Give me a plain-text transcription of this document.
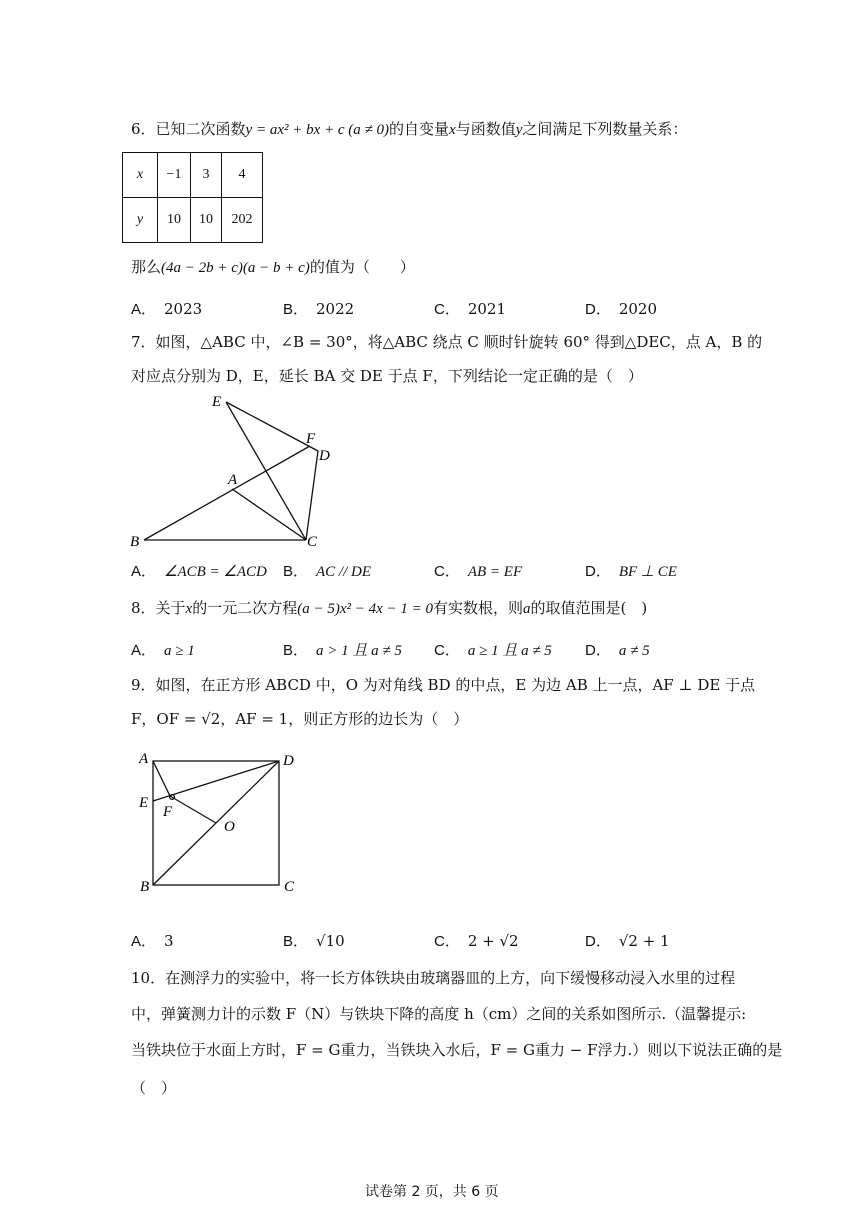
6．已知二次函数y = ax² + bx + c (a ≠ 0)的自变量x与函数值y之间满足下列数量关系：
x	−1	3	4
y	10	10	202
那么(4a − 2b + c)(a − b + c)的值为（　　）
A． 2023	B． 2022	C． 2021	D． 2020
7．如图，△ABC 中，∠B = 30°，将△ABC 绕点 C 顺时针旋转 60° 得到△DEC，点 A，B 的
对应点分别为 D，E，延长 BA 交 DE 于点 F，下列结论一定正确的是（　）
E
F
D
A
B	C
A． ∠ACB = ∠ACD B． AC // DE	C． AB = EF	D． BF ⊥ CE
8．关于x的一元二次方程(a − 5)x² − 4x − 1 = 0有实数根，则a的取值范围是(　)
A． a ≥ 1	B． a > 1 且 a ≠ 5 C． a ≥ 1 且 a ≠ 5 D． a ≠ 5
9．如图，在正方形 ABCD 中，O 为对角线 BD 的中点，E 为边 AB 上一点，AF ⊥ DE 于点
F，OF = √2，AF = 1，则正方形的边长为（　）
A	D
E
F
O
B	C
A． 3	B． √10	C． 2 + √2	D． √2 + 1
10．在测浮力的实验中，将一长方体铁块由玻璃器皿的上方，向下缓慢移动浸入水里的过程
中，弹簧测力计的示数 F（N）与铁块下降的高度 h（cm）之间的关系如图所示.（温馨提示:
当铁块位于水面上方时，F = G重力，当铁块入水后，F = G重力 − F浮力.）则以下说法正确的是
（　）
试卷第 2 页，共 6 页
